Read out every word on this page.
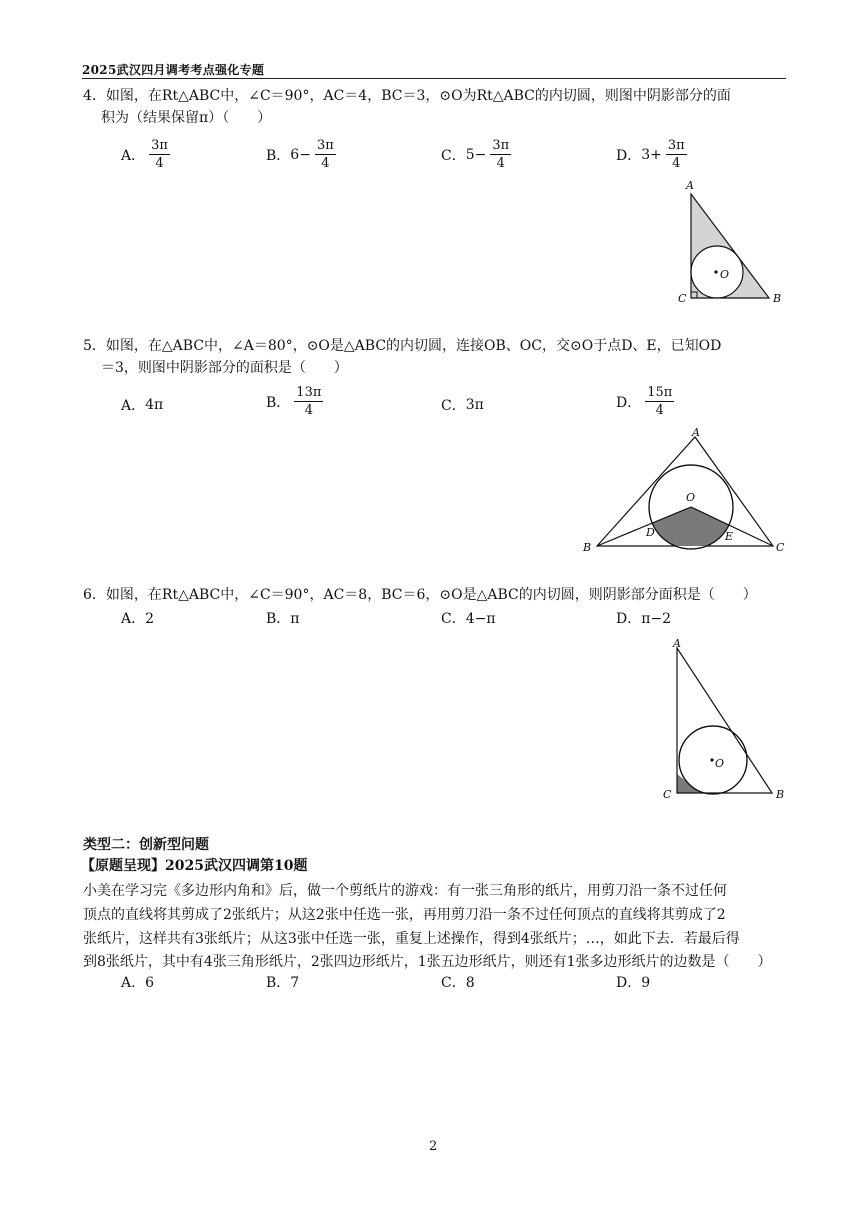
2025武汉四月调考考点强化专题
4．如图，在Rt△ABC中，∠C＝90°，AC＝4，BC＝3，⊙O为Rt△ABC的内切圆，则图中阴影部分的面
积为（结果保留π）（　　）
A． $\frac{3\pi}{4}$	B． $6- \frac{3\pi}{4}$	C． $5- \frac{3\pi}{4}$	D． $3+ \frac{3\pi}{4}$
A
C	B
O
5．如图，在△ABC中，∠A＝80°，⊙O是△ABC的内切圆，连接OB、OC，交⊙O于点D、E，已知OD
＝3，则图中阴影部分的面积是（　　）
A． 4π	B． $\frac{13\pi}{4}$	C． 3π	D． $\frac{15\pi}{4}$
A
B	C
O
D	E
6．如图，在Rt△ABC中，∠C＝90°，AC＝8，BC＝6，⊙O是△ABC的内切圆，则阴影部分面积是（　　）
A．2	B．π	C．4−π	D．π−2
A
C	B
O
类型二：创新型问题
【原题呈现】2025武汉四调第10题
小美在学习完《多边形内角和》后，做一个剪纸片的游戏：有一张三角形的纸片，用剪刀沿一条不过任何
顶点的直线将其剪成了2张纸片；从这2张中任选一张，再用剪刀沿一条不过任何顶点的直线将其剪成了2
张纸片，这样共有3张纸片；从这3张中任选一张，重复上述操作，得到4张纸片；…，如此下去．若最后得
到8张纸片，其中有4张三角形纸片，2张四边形纸片，1张五边形纸片，则还有1张多边形纸片的边数是（　　）
A．6	B．7	C．8	D．9
2
